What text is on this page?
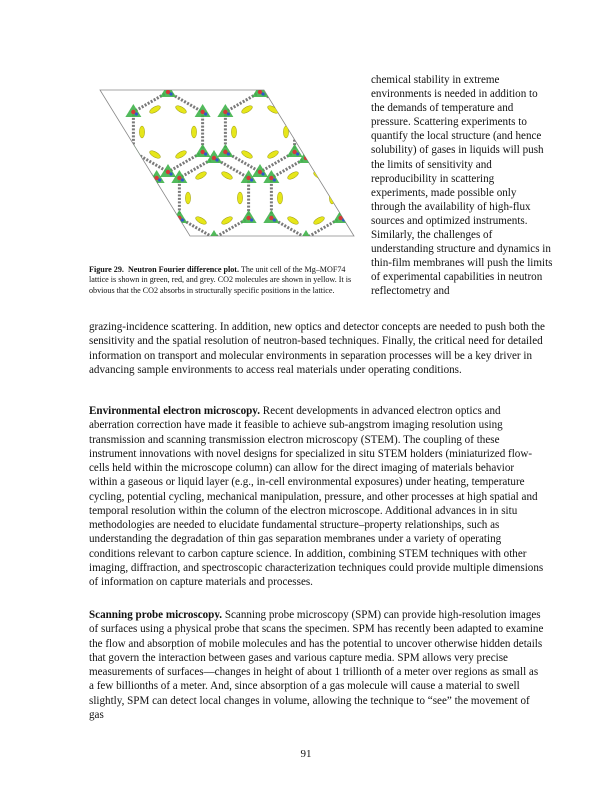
Figure 29.  Neutron Fourier difference plot. The unit cell of the Mg–MOF74 lattice is shown in green, red, and grey. CO2 molecules are shown in yellow. It is obvious that the CO2 absorbs in structurally specific positions in the lattice.

chemical stability in extreme environments is needed in addition to the demands of temperature and pressure. Scattering experiments to quantify the local structure (and hence solubility) of gases in liquids will push the limits of sensitivity and reproducibility in scattering experiments, made possible only through the availability of high-flux sources and optimized instruments. Similarly, the challenges of understanding structure and dynamics in thin-film membranes will push the limits of experimental capabilities in neutron reflectometry and

grazing-incidence scattering. In addition, new optics and detector concepts are needed to push both the sensitivity and the spatial resolution of neutron-based techniques. Finally, the critical need for detailed information on transport and molecular environments in separation processes will be a key driver in advancing sample environments to access real materials under operating conditions.

Environmental electron microscopy. Recent developments in advanced electron optics and aberration correction have made it feasible to achieve sub-angstrom imaging resolution using transmission and scanning transmission electron microscopy (STEM). The coupling of these instrument innovations with novel designs for specialized in situ STEM holders (miniaturized flow-cells held within the microscope column) can allow for the direct imaging of materials behavior within a gaseous or liquid layer (e.g., in-cell environmental exposures) under heating, temperature cycling, potential cycling, mechanical manipulation, pressure, and other processes at high spatial and temporal resolution within the column of the electron microscope. Additional advances in in situ methodologies are needed to elucidate fundamental structure–property relationships, such as understanding the degradation of thin gas separation membranes under a variety of operating conditions relevant to carbon capture science. In addition, combining STEM techniques with other imaging, diffraction, and spectroscopic characterization techniques could provide multiple dimensions of information on capture materials and processes.

Scanning probe microscopy. Scanning probe microscopy (SPM) can provide high-resolution images of surfaces using a physical probe that scans the specimen. SPM has recently been adapted to examine the flow and absorption of mobile molecules and has the potential to uncover otherwise hidden details that govern the interaction between gases and various capture media. SPM allows very precise measurements of surfaces—changes in height of about 1 trillionth of a meter over regions as small as a few billionths of a meter. And, since absorption of a gas molecule will cause a material to swell slightly, SPM can detect local changes in volume, allowing the technique to “see” the movement of gas

91
